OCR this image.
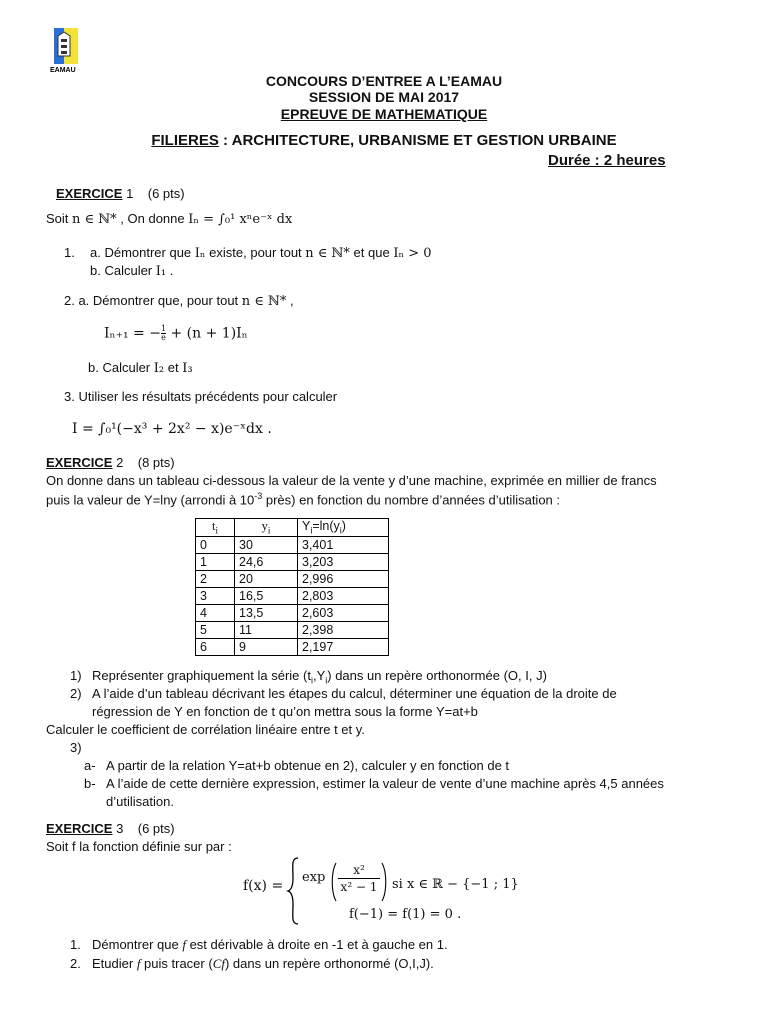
EAMAU
CONCOURS D’ENTREE A L’EAMAU
SESSION DE MAI 2017
EPREUVE DE MATHEMATIQUE
FILIERES : ARCHITECTURE, URBANISME ET GESTION URBAINE
Durée : 2 heures
EXERCICE 1 (6 pts)
Soit n ∈ ℕ* , On donne Iₙ = ∫₀¹ xⁿe⁻ˣ dx
1. a. Démontrer que Iₙ existe, pour tout n ∈ ℕ* et que Iₙ > 0
b. Calculer I₁ .
2. a. Démontrer que, pour tout n ∈ ℕ* ,
Iₙ₊₁ = − $\frac{1}{e} + (n + 1)I_n$
b. Calculer I₂ et I₃
3. Utiliser les résultats précédents pour calculer
I = ∫₀¹(−x³ + 2x² − x)e⁻ˣdx .
EXERCICE 2 (8 pts)
On donne dans un tableau ci-dessous la valeur de la vente y d’une machine, exprimée en millier de francs
puis la valeur de Y=lny (arrondi à $10^{-3}$ près) en fonction du nombre d’années d’utilisation :
$t_i$	$y_i$	$Y_i=\ln(y_i)$
0	30	3,401
1	24,6	3,203
2	20	2,996
3	16,5	2,803
4	13,5	2,603
5	11	2,398
6	9	2,197
1) Représenter graphiquement la série $(t_i,Y_i)$ dans un repère orthonormée (O, I, J)
2) A l’aide d’un tableau décrivant les étapes du calcul, déterminer une équation de la droite de
régression de Y en fonction de t qu’on mettra sous la forme Y=at+b
Calculer le coefficient de corrélation linéaire entre t et y.
3)
a- A partir de la relation Y=at+b obtenue en 2), calculer y en fonction de t
b- A l’aide de cette dernière expression, estimer la valeur de vente d’une machine après 4,5 années
d’utilisation.
EXERCICE 3 (6 pts)
Soit f la fonction définie sur par :
f(x) =
exp	x²
x² − 1 si x ∈ ℝ − {−1 ; 1}
f(−1) = f(1) = 0 .
1. Démontrer que f est dérivable à droite en -1 et à gauche en 1.
2. Etudier f puis tracer (Cf) dans un repère orthonormé (O,I,J).
